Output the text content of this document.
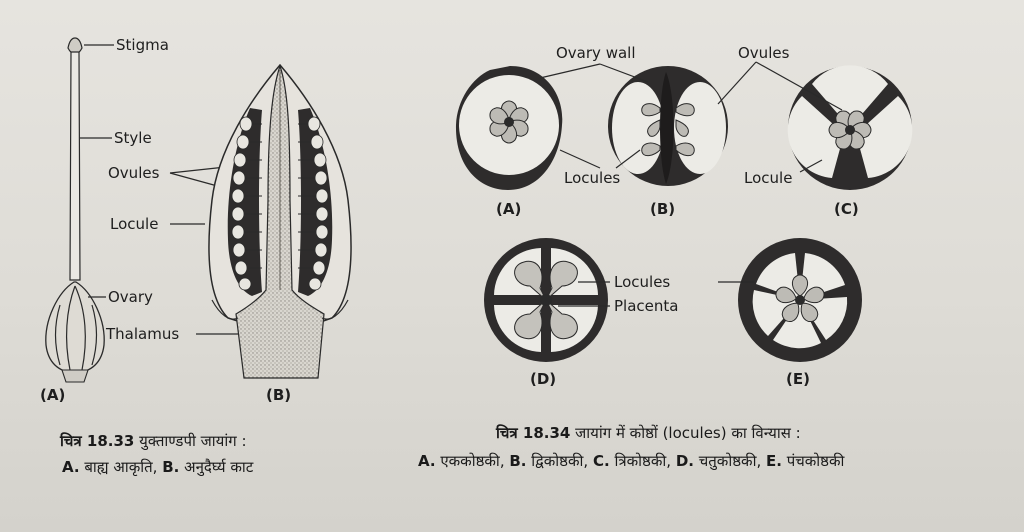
Stigma
Style
Ovules
Locule
Ovary
Thalamus
(A)	(B)
Ovary wall	Ovules
Locules	Locule
Locules
Placenta
(A)	(B)	(C)
(D)	(E)
चित्र 18.33 युक्ताण्डपी जायांग :
A. बाह्य आकृति, B. अनुदैर्घ्य काट
चित्र 18.34 जायांग में कोष्ठों (locules) का विन्यास :
A. एककोष्ठकी, B. द्विकोष्ठकी, C. त्रिकोष्ठकी, D. चतुकोष्ठकी, E. पंचकोष्ठकी
